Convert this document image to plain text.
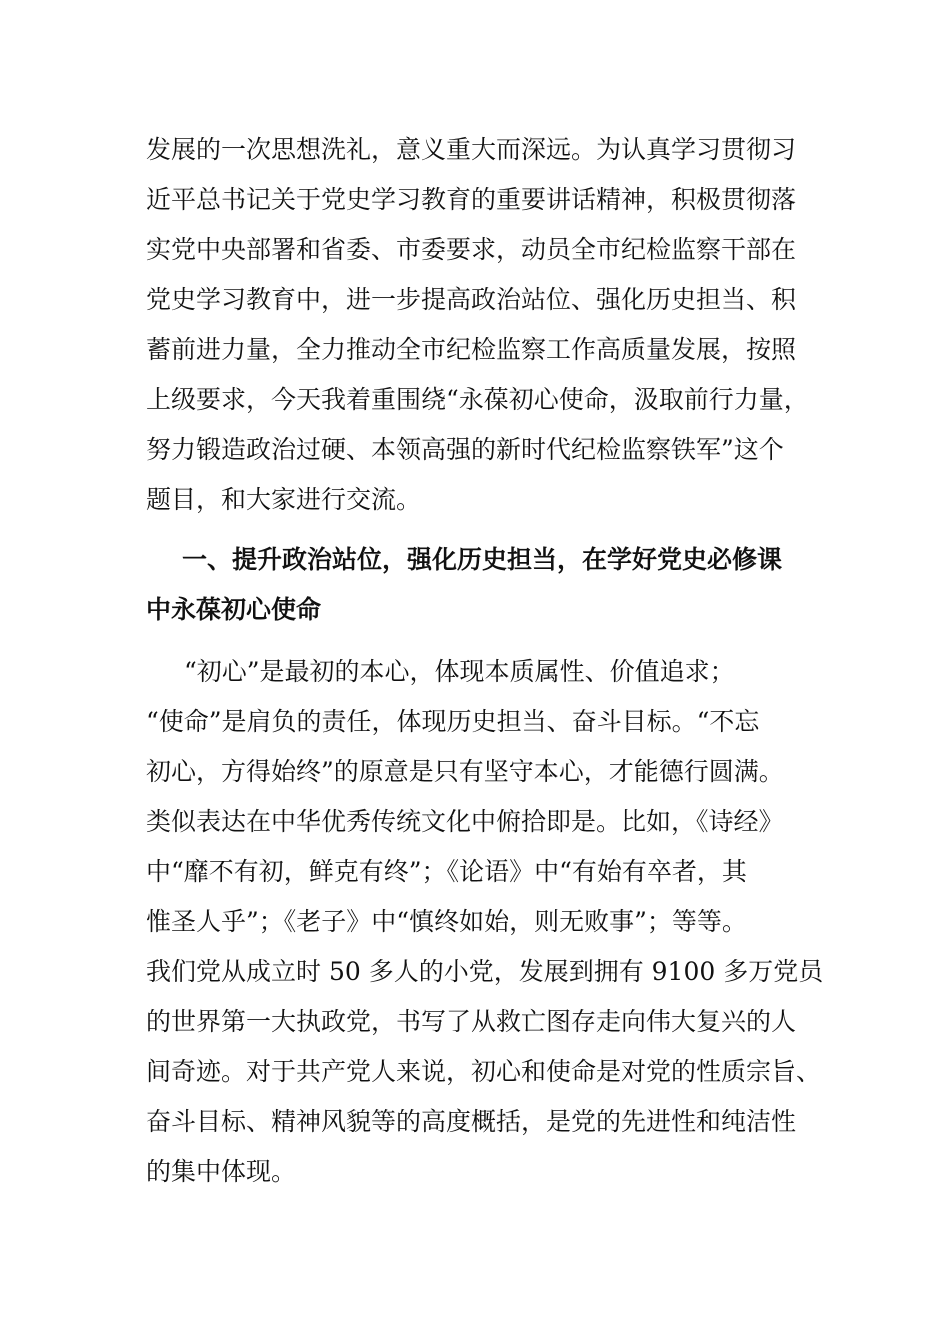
发展的一次思想洗礼，意义重大而深远。为认真学习贯彻习
近平总书记关于党史学习教育的重要讲话精神，积极贯彻落
实党中央部署和省委、市委要求，动员全市纪检监察干部在
党史学习教育中，进一步提高政治站位、强化历史担当、积
蓄前进力量，全力推动全市纪检监察工作高质量发展，按照
上级要求，今天我着重围绕“永葆初心使命，汲取前行力量，
努力锻造政治过硬、本领高强的新时代纪检监察铁军”这个
题目，和大家进行交流。
一、提升政治站位，强化历史担当，在学好党史必修课
中永葆初心使命
“初心”是最初的本心，体现本质属性、价值追求；
“使命”是肩负的责任，体现历史担当、奋斗目标。“不忘
初心，方得始终”的原意是只有坚守本心，才能德行圆满。
类似表达在中华优秀传统文化中俯拾即是。比如，《诗经》
中“靡不有初，鲜克有终”；《论语》中“有始有卒者，其
惟圣人乎”；《老子》中“慎终如始，则无败事”；等等。
我们党从成立时 50 多人的小党，发展到拥有 9100 多万党员
的世界第一大执政党，书写了从救亡图存走向伟大复兴的人
间奇迹。对于共产党人来说，初心和使命是对党的性质宗旨、
奋斗目标、精神风貌等的高度概括，是党的先进性和纯洁性
的集中体现。
